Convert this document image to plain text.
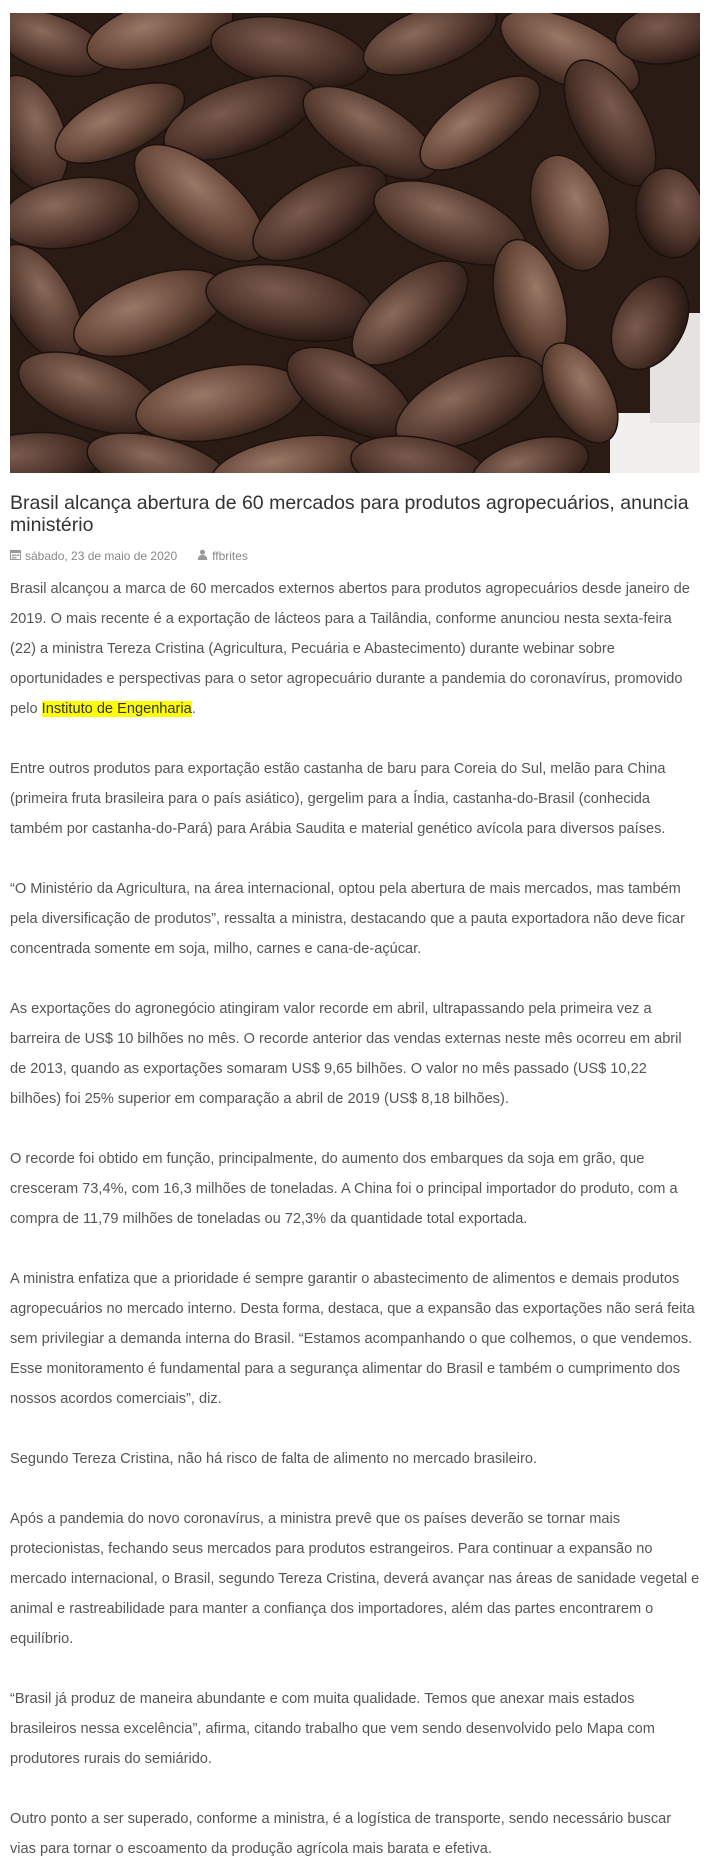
Brasil alcança abertura de 60 mercados para produtos agropecuários, anuncia ministério
sábado, 23 de maio de 2020	ffbrites

Brasil alcançou a marca de 60 mercados externos abertos para produtos agropecuários desde janeiro de 2019. O mais recente é a exportação de lácteos para a Tailândia, conforme anunciou nesta sexta-feira (22) a ministra Tereza Cristina (Agricultura, Pecuária e Abastecimento) durante webinar sobre oportunidades e perspectivas para o setor agropecuário durante a pandemia do coronavírus, promovido pelo Instituto de Engenharia.

Entre outros produtos para exportação estão castanha de baru para Coreia do Sul, melão para China (primeira fruta brasileira para o país asiático), gergelim para a Índia, castanha-do-Brasil (conhecida também por castanha-do-Pará) para Arábia Saudita e material genético avícola para diversos países.

“O Ministério da Agricultura, na área internacional, optou pela abertura de mais mercados, mas também pela diversificação de produtos”, ressalta a ministra, destacando que a pauta exportadora não deve ficar concentrada somente em soja, milho, carnes e cana-de-açúcar.

As exportações do agronegócio atingiram valor recorde em abril, ultrapassando pela primeira vez a barreira de US$ 10 bilhões no mês. O recorde anterior das vendas externas neste mês ocorreu em abril de 2013, quando as exportações somaram US$ 9,65 bilhões. O valor no mês passado (US$ 10,22 bilhões) foi 25% superior em comparação a abril de 2019 (US$ 8,18 bilhões).

O recorde foi obtido em função, principalmente, do aumento dos embarques da soja em grão, que cresceram 73,4%, com 16,3 milhões de toneladas. A China foi o principal importador do produto, com a compra de 11,79 milhões de toneladas ou 72,3% da quantidade total exportada.

A ministra enfatiza que a prioridade é sempre garantir o abastecimento de alimentos e demais produtos agropecuários no mercado interno. Desta forma, destaca, que a expansão das exportações não será feita sem privilegiar a demanda interna do Brasil. “Estamos acompanhando o que colhemos, o que vendemos. Esse monitoramento é fundamental para a segurança alimentar do Brasil e também o cumprimento dos nossos acordos comerciais”, diz.

Segundo Tereza Cristina, não há risco de falta de alimento no mercado brasileiro.

Após a pandemia do novo coronavírus, a ministra prevê que os países deverão se tornar mais protecionistas, fechando seus mercados para produtos estrangeiros. Para continuar a expansão no mercado internacional, o Brasil, segundo Tereza Cristina, deverá avançar nas áreas de sanidade vegetal e animal e rastreabilidade para manter a confiança dos importadores, além das partes encontrarem o equilíbrio.

“Brasil já produz de maneira abundante e com muita qualidade. Temos que anexar mais estados brasileiros nessa excelência”, afirma, citando trabalho que vem sendo desenvolvido pelo Mapa com produtores rurais do semiárido.

Outro ponto a ser superado, conforme a ministra, é a logística de transporte, sendo necessário buscar vias para tornar o escoamento da produção agrícola mais barata e efetiva.
